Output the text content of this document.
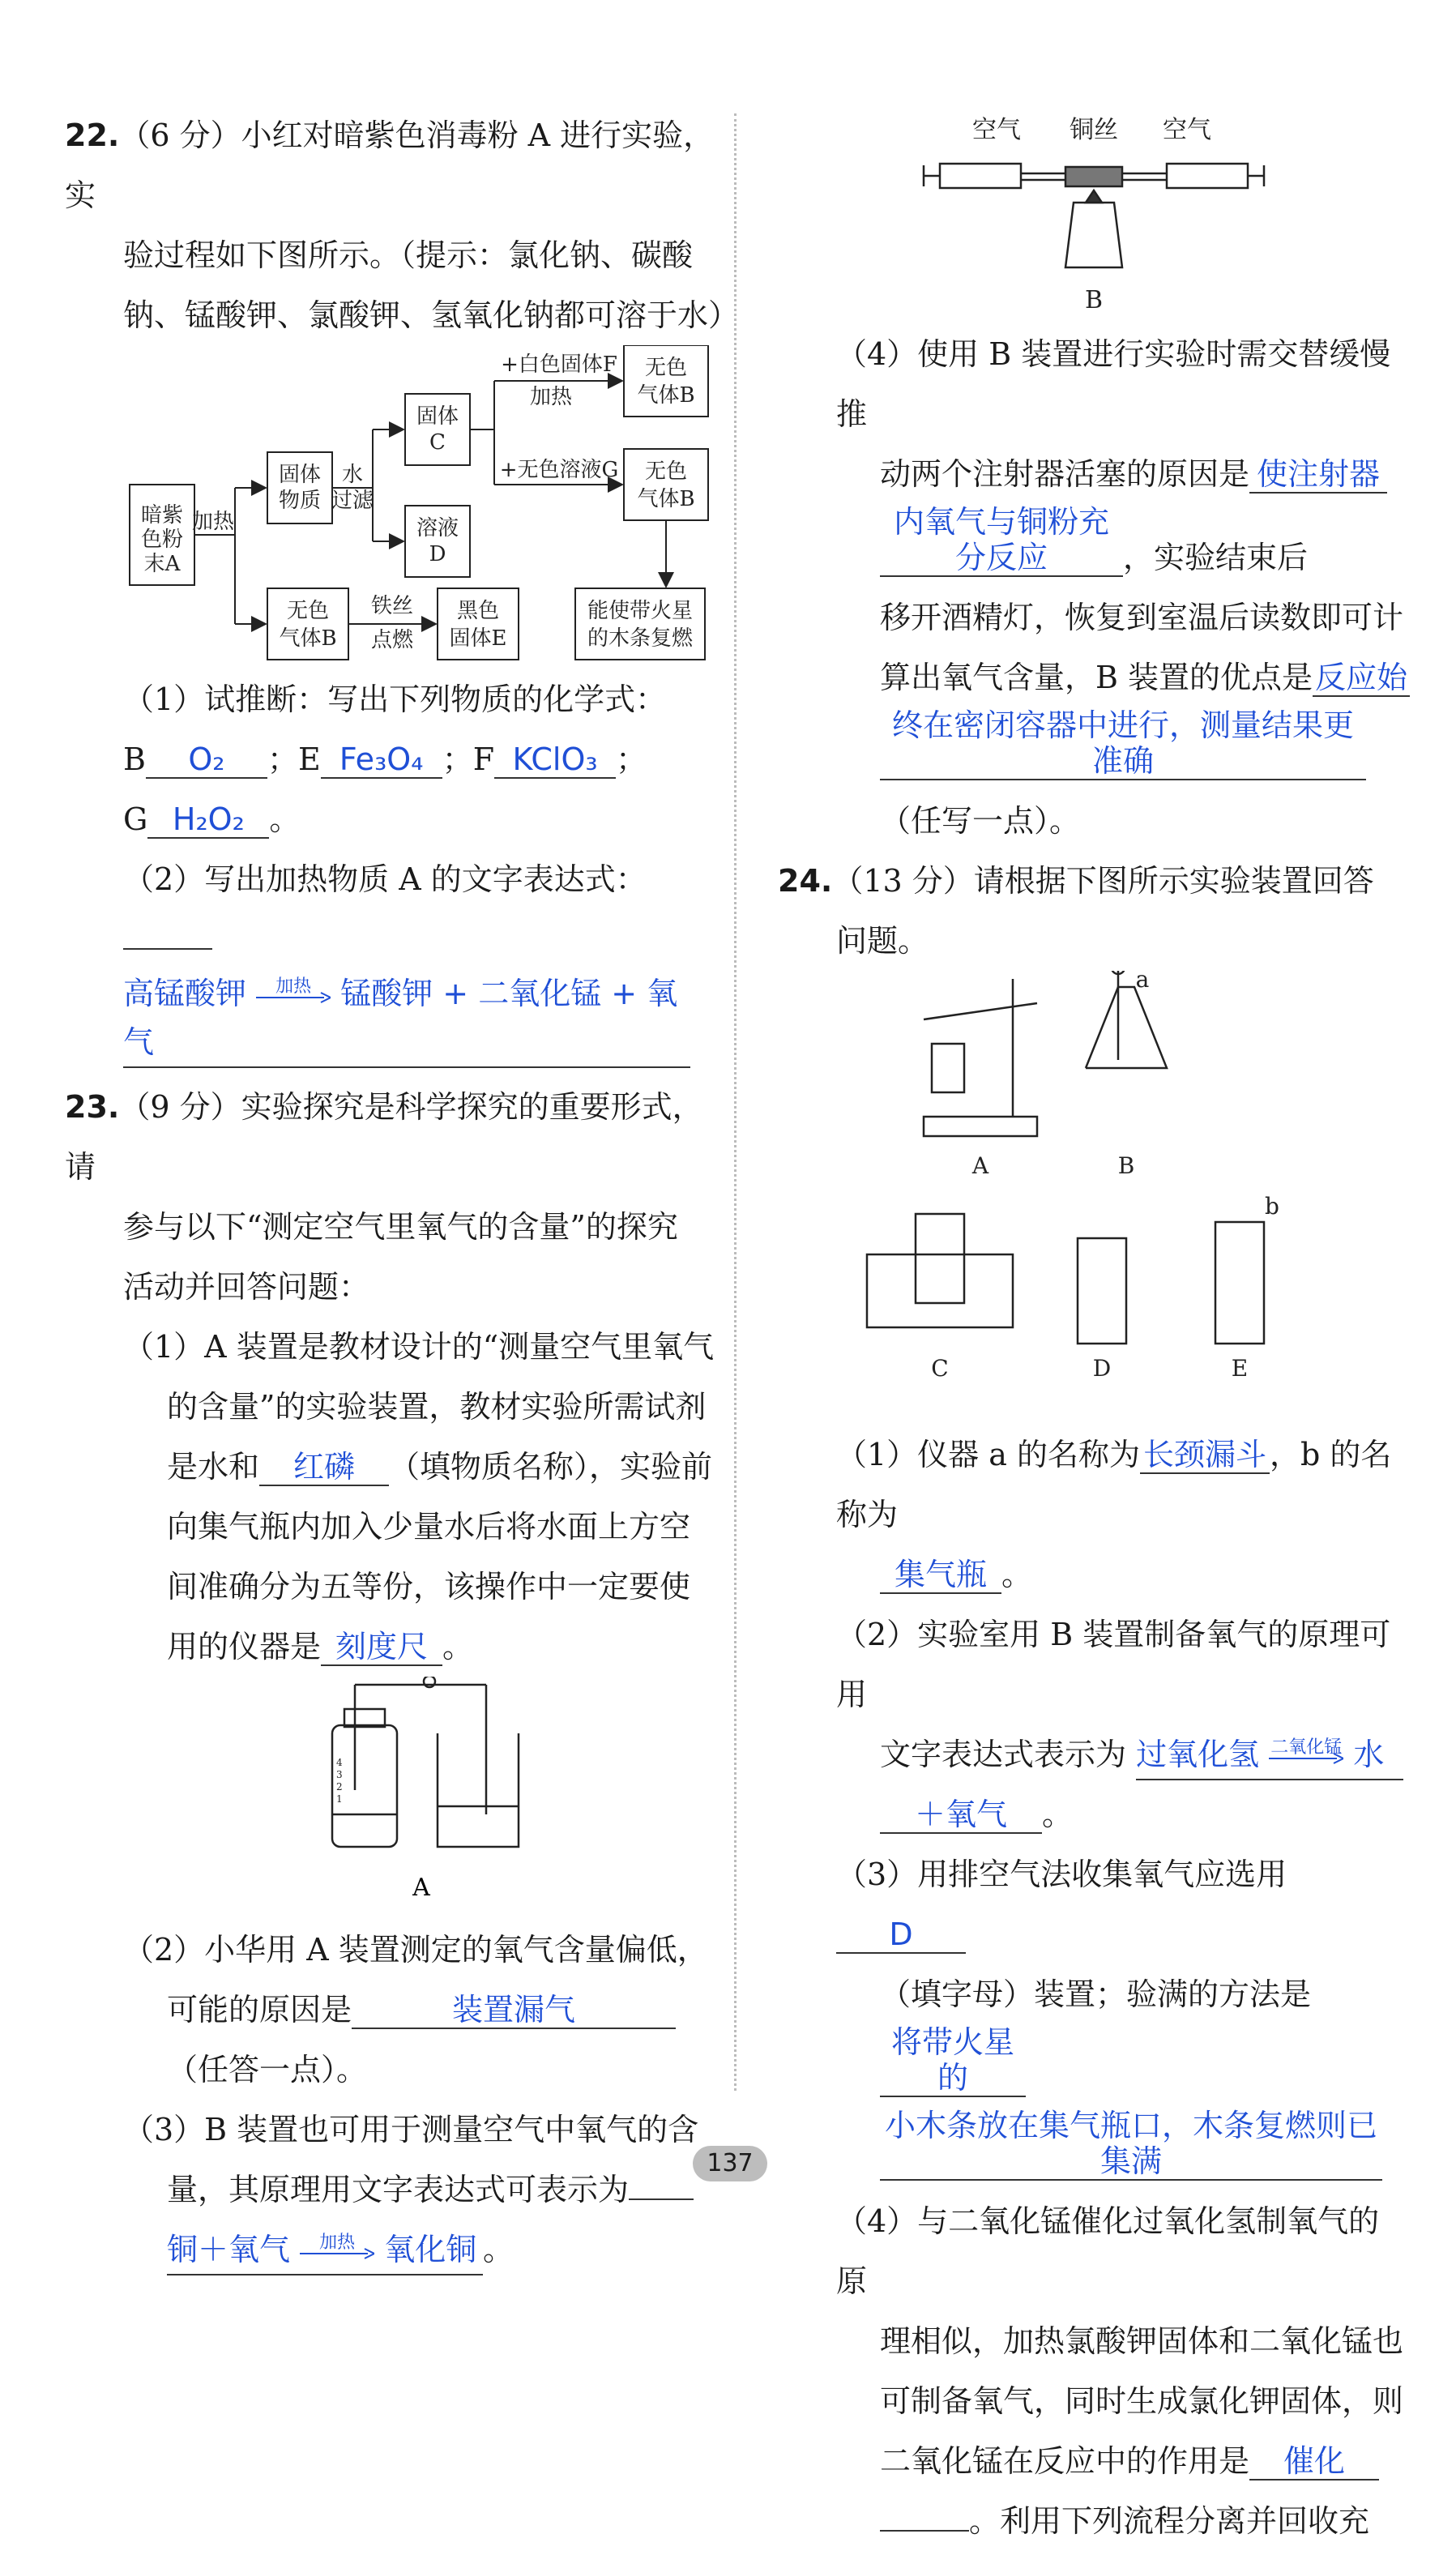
22.（6 分）小红对暗紫色消毒粉 A 进行实验，实

验过程如下图所示。（提示：氯化钠、碳酸

钠、锰酸钾、氯酸钾、氢氧化钠都可溶于水）

暗紫
色粉
末A
加热
固体
物质
水
过滤
固体
C
溶液
D
+白色固体F
加热
+无色溶液G
无色
气体B
无色
气体B
无色
气体B
铁丝
点燃
黑色
固体E
能使带火星
的木条复燃

（1）试推断：写出下列物质的化学式：

B O₂ ；E Fe₃O₄ ；F KClO₃ ；

G H₂O₂ 。

（2）写出加热物质 A 的文字表达式：

高锰酸钾	加热 锰酸钾 + 二氧化锰 + 氧气

23.（9 分）实验探究是科学探究的重要形式，请

参与以下“测定空气里氧气的含量”的探究

活动并回答问题：

（1）A 装置是教材设计的“测量空气里氧气

的含量”的实验装置，教材实验所需试剂

是水和 红磷 （填物质名称），实验前

向集气瓶内加入少量水后将水面上方空

间准确分为五等份，该操作中一定要使

用的仪器是 刻度尺 。

4
3
2
1
A

（2）小华用 A 装置测定的氧气含量偏低，

可能的原因是	装置漏气

（任答一点）。

（3）B 装置也可用于测量空气中氧气的含

量，其原理用文字表达式可表示为

铜＋氧气	加热 氧化铜 。

空气 铜丝 空气
B

（4）使用 B 装置进行实验时需交替缓慢推

动两个注射器活塞的原因是 使注射器

内氧气与铜粉充分反应 ，实验结束后

移开酒精灯，恢复到室温后读数即可计

算出氧气含量，B 装置的优点是反应始

终在密闭容器中进行，测量结果更准确

（任写一点）。

24.（13 分）请根据下图所示实验装置回答

问题。

A	B
C	D	E
a
b

（1）仪器 a 的名称为 长颈漏斗 ，b 的名称为

集气瓶 。

（2）实验室用 B 装置制备氧气的原理可用

文字表达式表示为 过氧化氢 二氧化锰 水

＋氧气 。

（3）用排空气法收集氧气应选用D

（填字母）装置；验满的方法是将带火星的

小木条放在集气瓶口，木条复燃则已集满

（4）与二氧化锰催化过氧化氢制氧气的原

理相似，加热氯酸钾固体和二氧化锰也

可制备氧气，同时生成氯化钾固体，则

二氧化锰在反应中的作用是 催化

。利用下列流程分离并回收充

137
